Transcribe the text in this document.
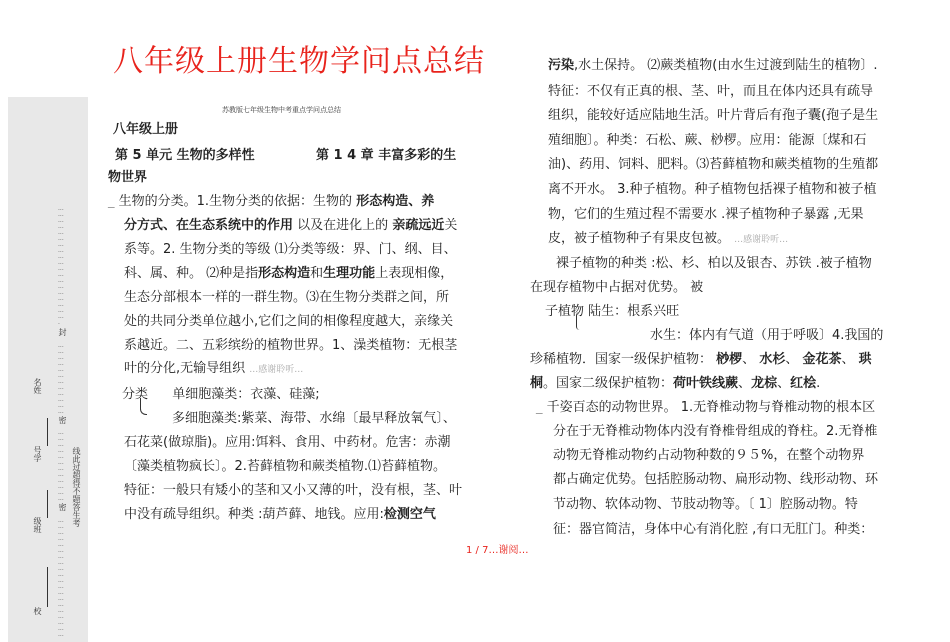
八年级上册生物学问点总结
··························································
封
····································
密
····································
密
····························································
名姓
号学
级班
校
线此过超得不题答生考
苏教版七年级生物中考重点学问点总结
八年级上册
第 5 单元 生物的多样性	第 1 4 章 丰富多彩的生
物世界
_ 生物的分类。1.生物分类的依据：生物的 形态构造、养
分方式、在生态系统中的作用 以及在进化上的 亲疏远近关
系等。2. 生物分类的等级 ⑴分类等级：界、门、纲、目、
科、属、种。 ⑵种是指形态构造和生理功能上表现相像，
生态分部根本一样的一群生物。⑶在生物分类群之间，所
处的共同分类单位越小,它们之间的相像程度越大，亲缘关
系越近。二、五彩缤纷的植物世界。1、澡类植物：无根茎
叶的分化,无输导组织 …感谢聆听…
分类 单细胞藻类：衣藻、硅藻;
多细胞藻类:紫菜、海带、水绵〔最早释放氧气〕、
石花菜(做琼脂)。应用:饵料、食用、中药材。危害：赤潮
〔藻类植物疯长〕。2.苔藓植物和蕨类植物.⑴苔藓植物。
特征：一般只有矮小的茎和又小又薄的叶，没有根，茎、叶
中没有疏导组织。种类 :葫芦藓、地钱。应用:检测空气
污染,水土保持。 ⑵蕨类植物(由水生过渡到陆生的植物〕.
特征：不仅有正真的根、茎、叶，而且在体内还具有疏导
组织，能较好适应陆地生活。叶片背后有孢子囊(孢子是生
殖细胞〕。种类：石松、蕨、桫椤。应用：能源〔煤和石
油)、药用、饲料、肥料。⑶苔藓植物和蕨类植物的生殖都
离不开水。 3.种子植物。种子植物包括裸子植物和被子植
物，它们的生殖过程不需要水 .裸子植物种子暴露 ,无果
皮，被子植物种子有果皮包被。 …感谢聆听…
裸子植物的种类 :松、杉、柏以及银杏、苏铁 .被子植物
在现存植物中占据对优势。 被
子植物 陆生：根系兴旺
水生：体内有气道（用于呼吸〕4.我国的
珍稀植物．国家一级保护植物： 桫椤、 水杉、 金花茶、 珙
桐。国家二级保护植物：荷叶铁线蕨、龙棕、红桧.
_ 千姿百态的动物世界。 1.无脊椎动物与脊椎动物的根本区
分在于无脊椎动物体内没有脊椎骨组成的脊柱。2.无脊椎
动物无脊椎动物约占动物种数的９５%，在整个动物界
都占确定优势。包括腔肠动物、扁形动物、线形动物、环
节动物、软体动物、节肢动物等。〔 1〕腔肠动物。特
征：器官简洁，身体中心有消化腔 ,有口无肛门。种类：
1 / 7…谢阅…
